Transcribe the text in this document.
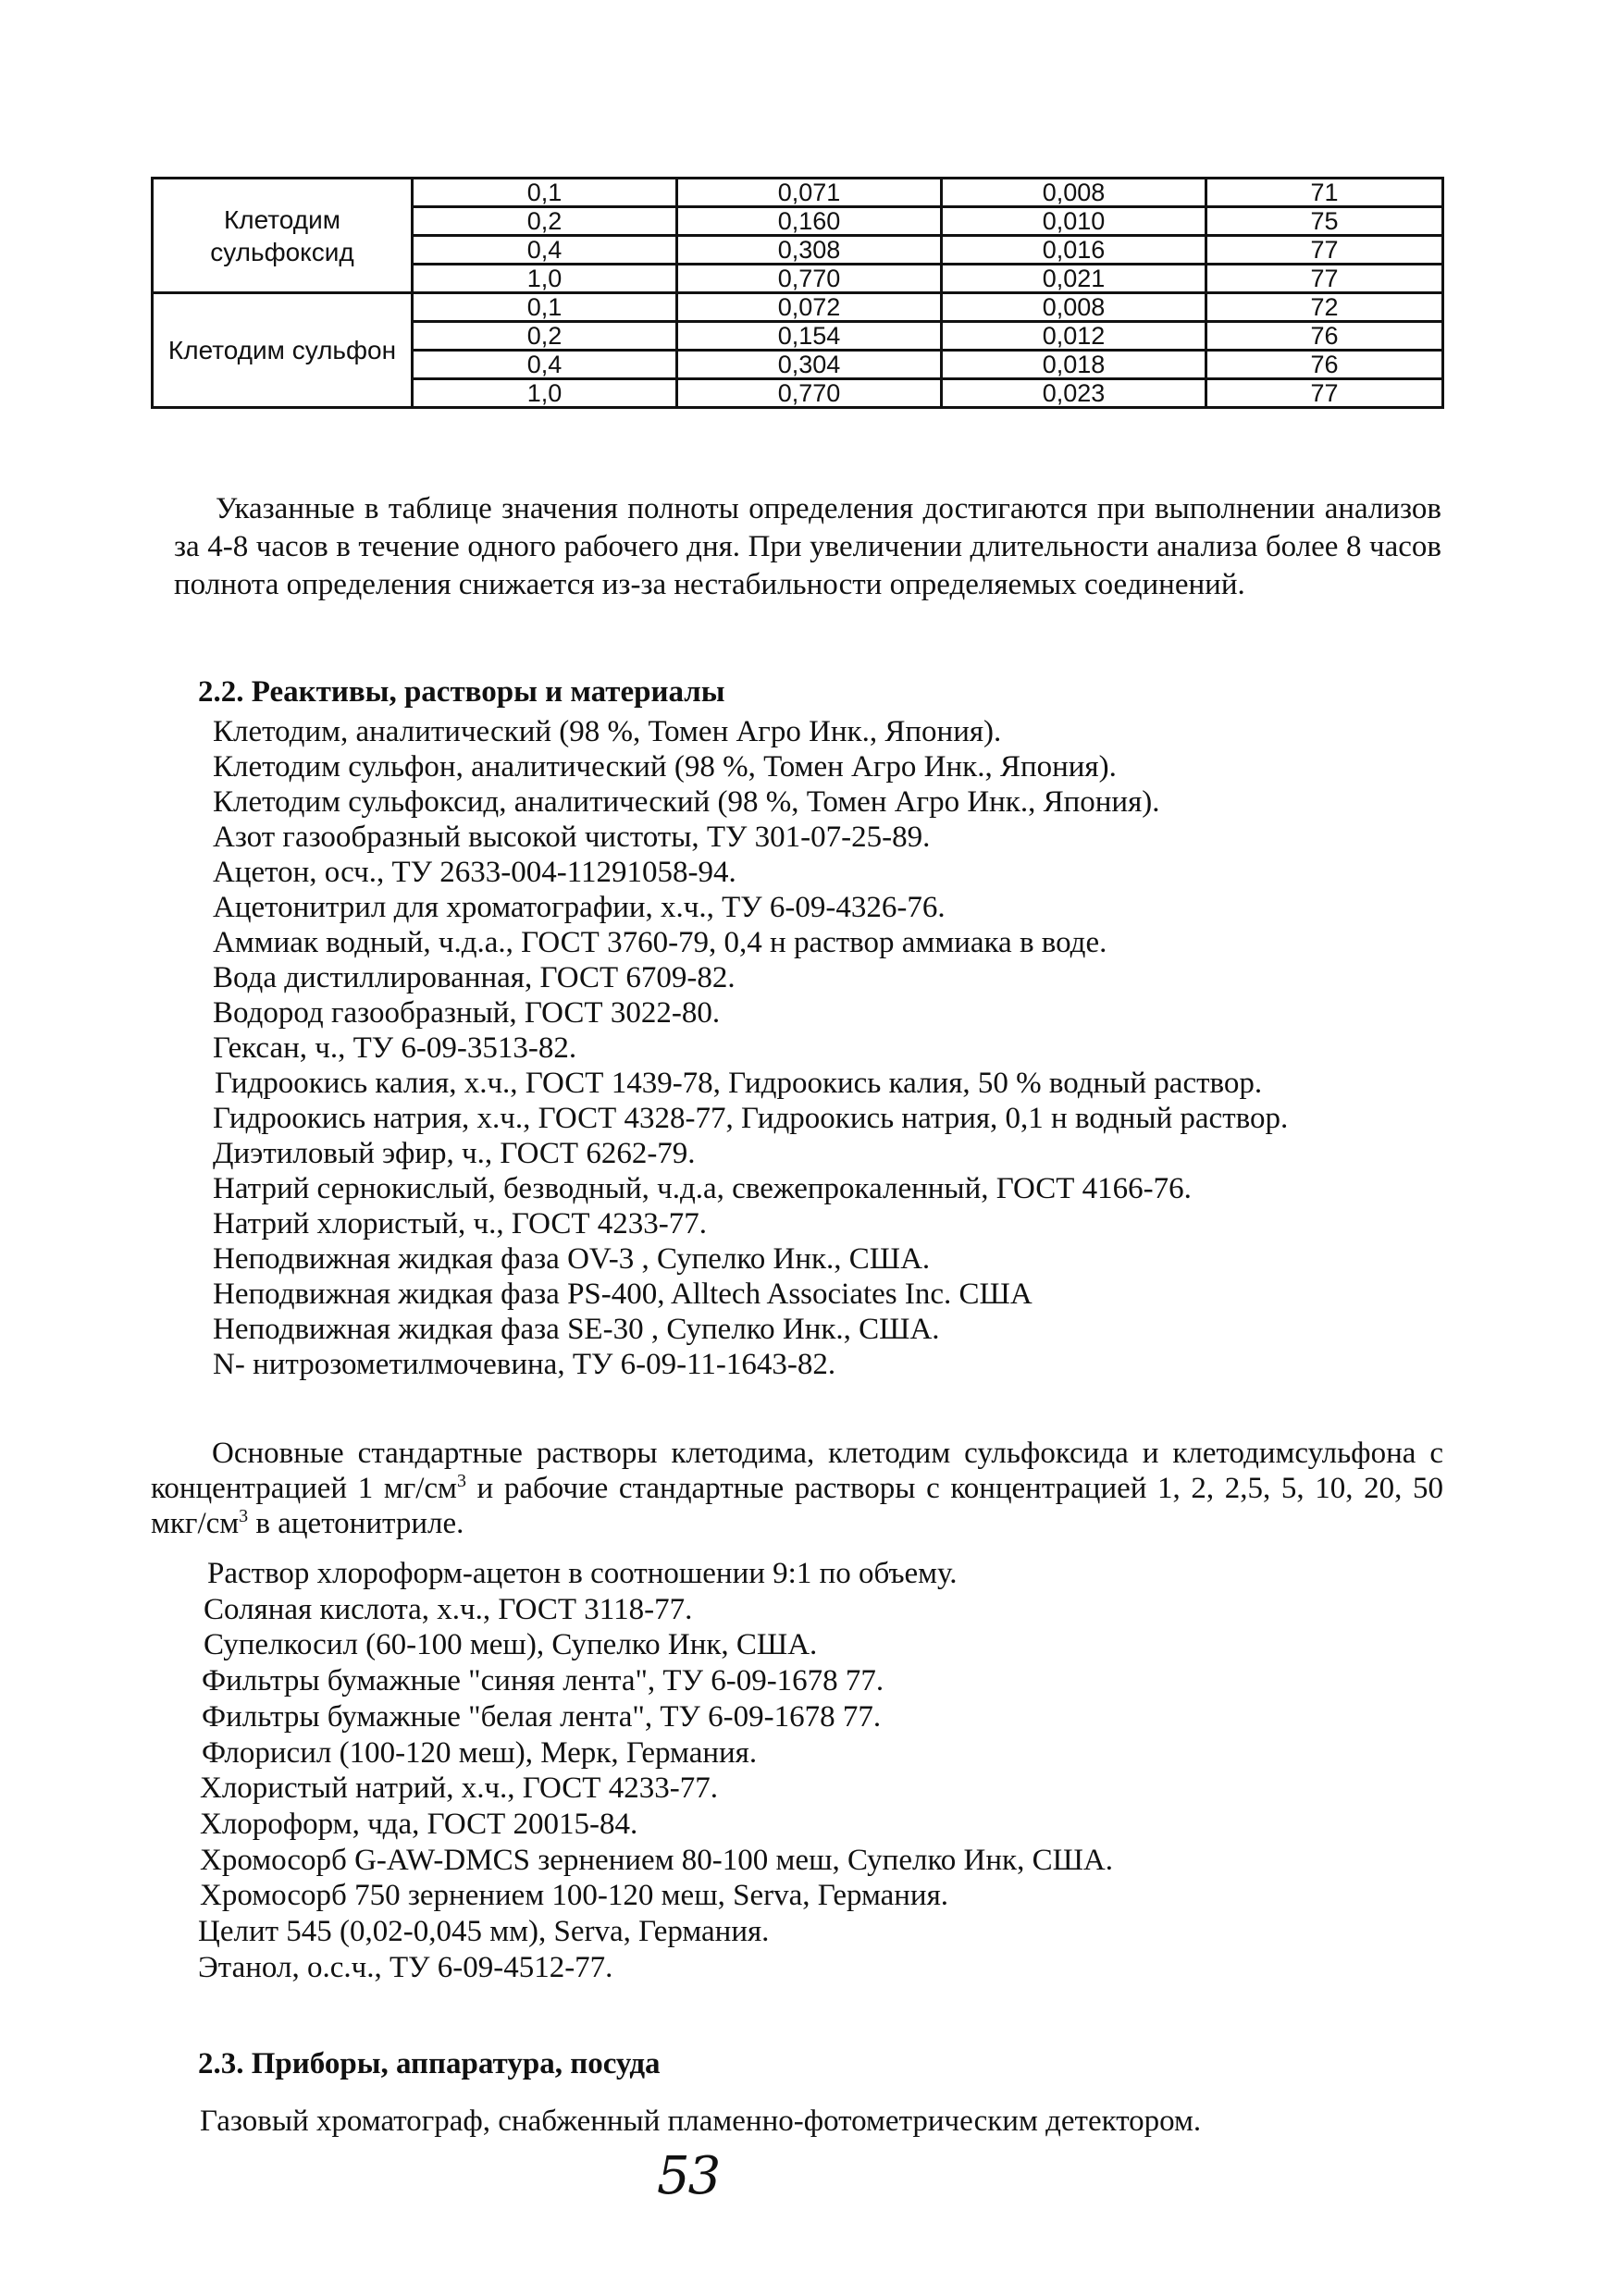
Клетодим сульфоксид	0,1	0,071	0,008	71
	0,2	0,160	0,010	75
	0,4	0,308	0,016	77
	1,0	0,770	0,021	77
Клетодим сульфон	0,1	0,072	0,008	72
	0,2	0,154	0,012	76
	0,4	0,304	0,018	76
	1,0	0,770	0,023	77

Указанные в таблице значения полноты определения достигаются при выполнении анализов за 4-8 часов в течение одного рабочего дня. При увеличении длительности анализа более 8 часов полнота определения снижается из-за нестабильности определяемых соединений.

2.2. Реактивы, растворы и материалы

Клетодим, аналитический (98 %, Томен Агро Инк., Япония).
Клетодим сульфон, аналитический (98 %, Томен Агро Инк., Япония).
Клетодим сульфоксид, аналитический (98 %, Томен Агро Инк., Япония).
Азот газообразный высокой чистоты, ТУ 301-07-25-89.
Ацетон, осч., ТУ 2633-004-11291058-94.
Ацетонитрил для хроматографии, х.ч., ТУ 6-09-4326-76.
Аммиак водный, ч.д.а., ГОСТ 3760-79, 0,4 н раствор аммиака в воде.
Вода дистиллированная, ГОСТ 6709-82.
Водород газообразный, ГОСТ 3022-80.
Гексан, ч., ТУ 6-09-3513-82.
Гидроокись калия, х.ч., ГОСТ 1439-78, Гидроокись калия, 50 % водный раствор.
Гидроокись натрия, х.ч., ГОСТ 4328-77, Гидроокись натрия, 0,1 н водный раствор.
Диэтиловый эфир, ч., ГОСТ 6262-79.
Натрий сернокислый, безводный, ч.д.а, свежепрокаленный, ГОСТ 4166-76.
Натрий хлористый, ч., ГОСТ 4233-77.
Неподвижная жидкая фаза OV-3 , Супелко Инк., США.
Неподвижная жидкая фаза PS-400, Alltech Associates Inc. США
Неподвижная жидкая фаза SE-30 , Супелко Инк., США.
N- нитрозометилмочевина, ТУ 6-09-11-1643-82.

Основные стандартные растворы клетодима, клетодим сульфоксида и клетодимсульфона с концентрацией 1 $мг/см^3$ и рабочие стандартные растворы с концентрацией 1, 2, 2,5, 5, 10, 20, 50 мкг/$см^3$ в ацетонитриле.

Раствор хлороформ-ацетон в соотношении 9:1 по объему.
Соляная кислота, х.ч., ГОСТ 3118-77.
Супелкосил (60-100 меш), Супелко Инк, США.
Фильтры бумажные "синяя лента", ТУ 6-09-1678 77.
Фильтры бумажные "белая лента", ТУ 6-09-1678 77.
Флорисил (100-120 меш), Мерк, Германия.
Хлористый натрий, х.ч., ГОСТ 4233-77.
Хлороформ, чда, ГОСТ 20015-84.
Хромосорб G-AW-DMCS зернением 80-100 меш, Супелко Инк, США.
Хромосорб 750 зернением 100-120 меш, Serva, Германия.
Целит 545 (0,02-0,045 мм), Serva, Германия.
Этанол, о.с.ч., ТУ 6-09-4512-77.

2.3. Приборы, аппаратура, посуда

Газовый хроматограф, снабженный пламенно-фотометрическим детектором.

53
